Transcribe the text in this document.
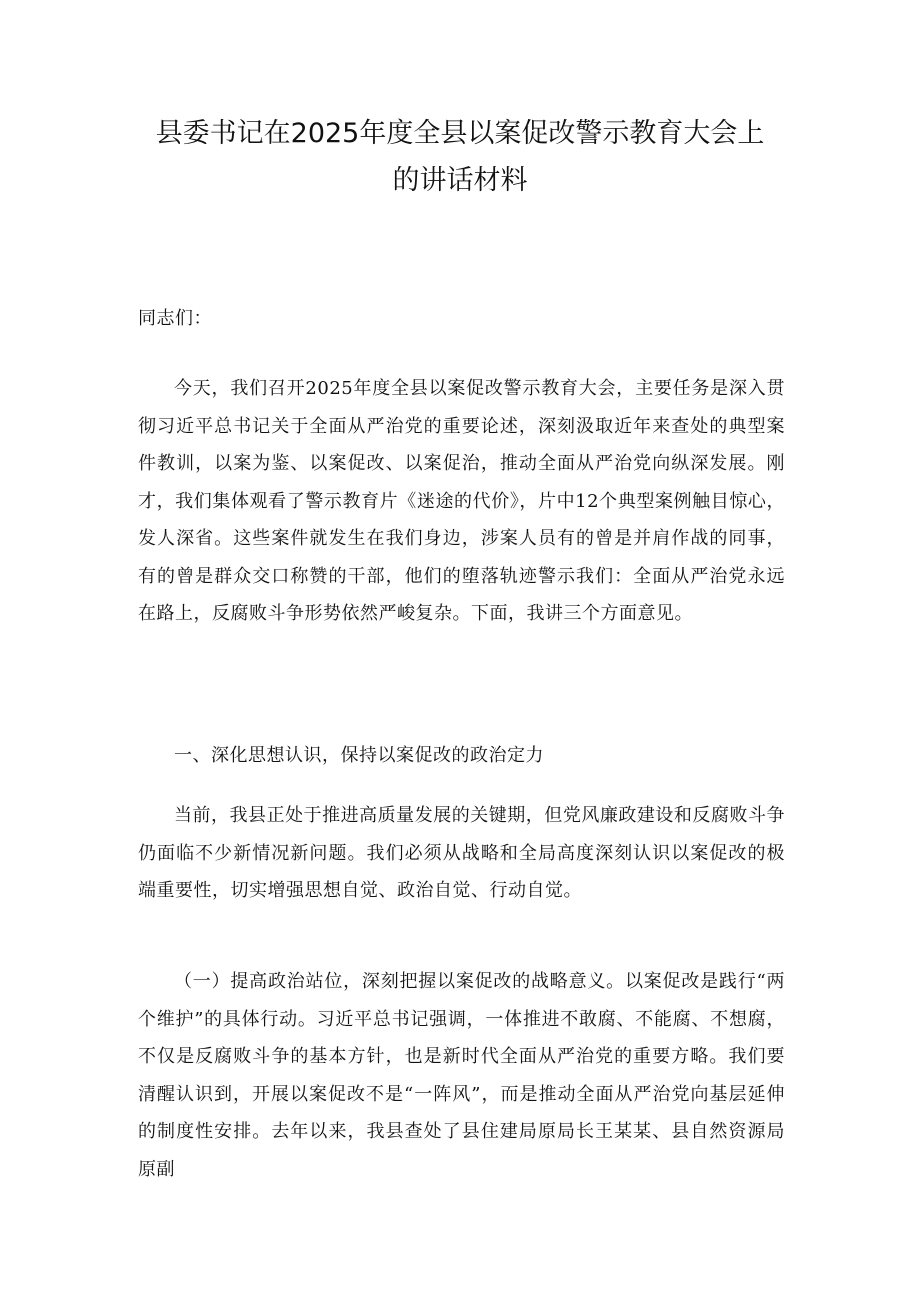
县委书记在2025年度全县以案促改警示教育大会上
的讲话材料

同志们：

今天，我们召开2025年度全县以案促改警示教育大会，主要任务是深入贯彻习近平总书记关于全面从严治党的重要论述，深刻汲取近年来查处的典型案件教训，以案为鉴、以案促改、以案促治，推动全面从严治党向纵深发展。刚才，我们集体观看了警示教育片《迷途的代价》，片中12个典型案例触目惊心，发人深省。这些案件就发生在我们身边，涉案人员有的曾是并肩作战的同事，有的曾是群众交口称赞的干部，他们的堕落轨迹警示我们：全面从严治党永远在路上，反腐败斗争形势依然严峻复杂。下面，我讲三个方面意见。

一、深化思想认识，保持以案促改的政治定力

当前，我县正处于推进高质量发展的关键期，但党风廉政建设和反腐败斗争仍面临不少新情况新问题。我们必须从战略和全局高度深刻认识以案促改的极端重要性，切实增强思想自觉、政治自觉、行动自觉。

（一）提高政治站位，深刻把握以案促改的战略意义。以案促改是践行“两个维护”的具体行动。习近平总书记强调，一体推进不敢腐、不能腐、不想腐，不仅是反腐败斗争的基本方针，也是新时代全面从严治党的重要方略。我们要清醒认识到，开展以案促改不是“一阵风”，而是推动全面从严治党向基层延伸的制度性安排。去年以来，我县查处了县住建局原局长王某某、县自然资源局原副
